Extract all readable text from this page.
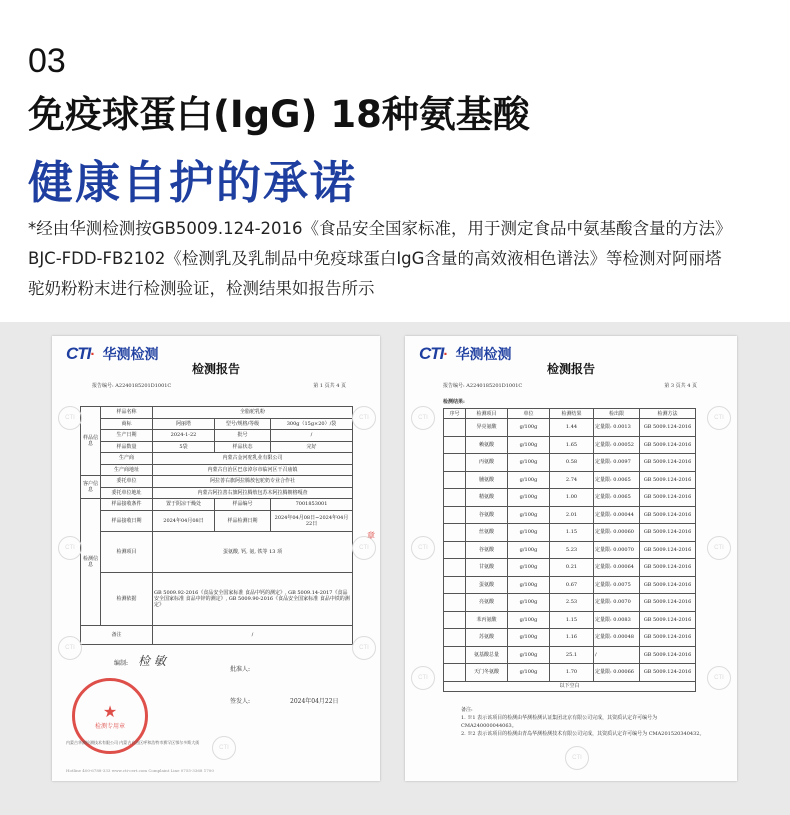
03
免疫球蛋白(IgG) 18种氨基酸
健康自护的承诺
*经由华测检测按GB5009.124-2016《食品安全国家标准，用于测定食品中氨基酸含量的方法》
BJC-FDD-FB2102《检测乳及乳制品中免疫球蛋白IgG含量的高效液相色谱法》等检测对阿丽塔
驼奶粉粉末进行检测验证，检测结果如报告所示
CTI· 华测检测
检测报告
报告编号: A2240185201D1001C	第 1 页共 4 页
样品信息	样品名称	全脂驼乳粉		
	商标	阿丽塔	型号/规格/等级	300g（15g×20）/袋
	生产日期	2024-1-22	批号	/
	样品数量	5袋	样品状态	完好
	生产商	内蒙古金河驼乳业有限公司		
	生产商地址	内蒙古自治区巴彦淖尔市临河区干召庙镇		
客户信息	委托单位	阿拉善右旗阿拉腾敖包驼奶专业合作社		
	委托单位地址	内蒙古阿拉善右旗阿拉腾敖包苏木阿拉腾朝格嘎查		
检测信息	样品接收条件	置于阴凉干燥处	样品编号	7001853001
	样品接收日期	2024年04月08日	样品检测日期	2024年04月08日~2024年04月22日
	检测项目	蛋氨酸, 钙, 氨, 铁等 13 项		
	检测依据	GB 5009.92-2016《食品安全国家标准 食品中钙的测定》, GB 5009.14-2017《食品安全国家标准 食品中锌的测定》, GB 5009.90-2016《食品安全国家标准 食品中铁的测定》		
备注		/		
编制: 检 敏
批准人:
签发人:	2024年04月22日
★
检测专用章
内蒙古华测检测技术有限公司 内蒙古自治区呼和浩特市赛罕区鄂尔多斯大街
Hotline 400-6788-333 www.cti-cert.com Complaint Line 0755-3368 1700
CTI	CTI
CTI	CTI
CTI	CTI
CTI
章
CTI· 华测检测
检测报告
报告编号: A2240185201D1001C	第 3 页共 4 页
检测结果:
序号	检测项目	单位	检测结果	检出限	检测方法
	异亮氨酸	g/100g	1.44	定量限: 0.0013	GB 5009.124-2016
	赖氨酸	g/100g	1.65	定量限: 0.00052	GB 5009.124-2016
	丙氨酸	g/100g	0.58	定量限: 0.0097	GB 5009.124-2016
	脯氨酸	g/100g	2.74	定量限: 0.0065	GB 5009.124-2016
	精氨酸	g/100g	1.00	定量限: 0.0065	GB 5009.124-2016
	谷氨酸	g/100g	2.01	定量限: 0.00044	GB 5009.124-2016
	丝氨酸	g/100g	1.15	定量限: 0.00060	GB 5009.124-2016
	谷氨酸	g/100g	5.23	定量限: 0.00070	GB 5009.124-2016
	甘氨酸	g/100g	0.21	定量限: 0.00064	GB 5009.124-2016
	蛋氨酸	g/100g	0.67	定量限: 0.0075	GB 5009.124-2016
	亮氨酸	g/100g	2.53	定量限: 0.0070	GB 5009.124-2016
	苯丙氨酸	g/100g	1.15	定量限: 0.0083	GB 5009.124-2016
	苏氨酸	g/100g	1.16	定量限: 0.00048	GB 5009.124-2016
	氨基酸总量	g/100g	25.1	/	GB 5009.124-2016
	天门冬氨酸	g/100g	1.70	定量限: 0.00066	GB 5009.124-2016
以下空白					
备注:
1. ※1 表示该项目的检测由华测检测认证集团北京有限公司完成，其资质认定许可编号为 CMA240000044063。
2. ※2 表示该项目的检测由青岛华测检测技术有限公司完成，其资质认定许可编号为 CMA201520340432。
CTI	CTI
CTI	CTI
CTI	CTI
CTI
